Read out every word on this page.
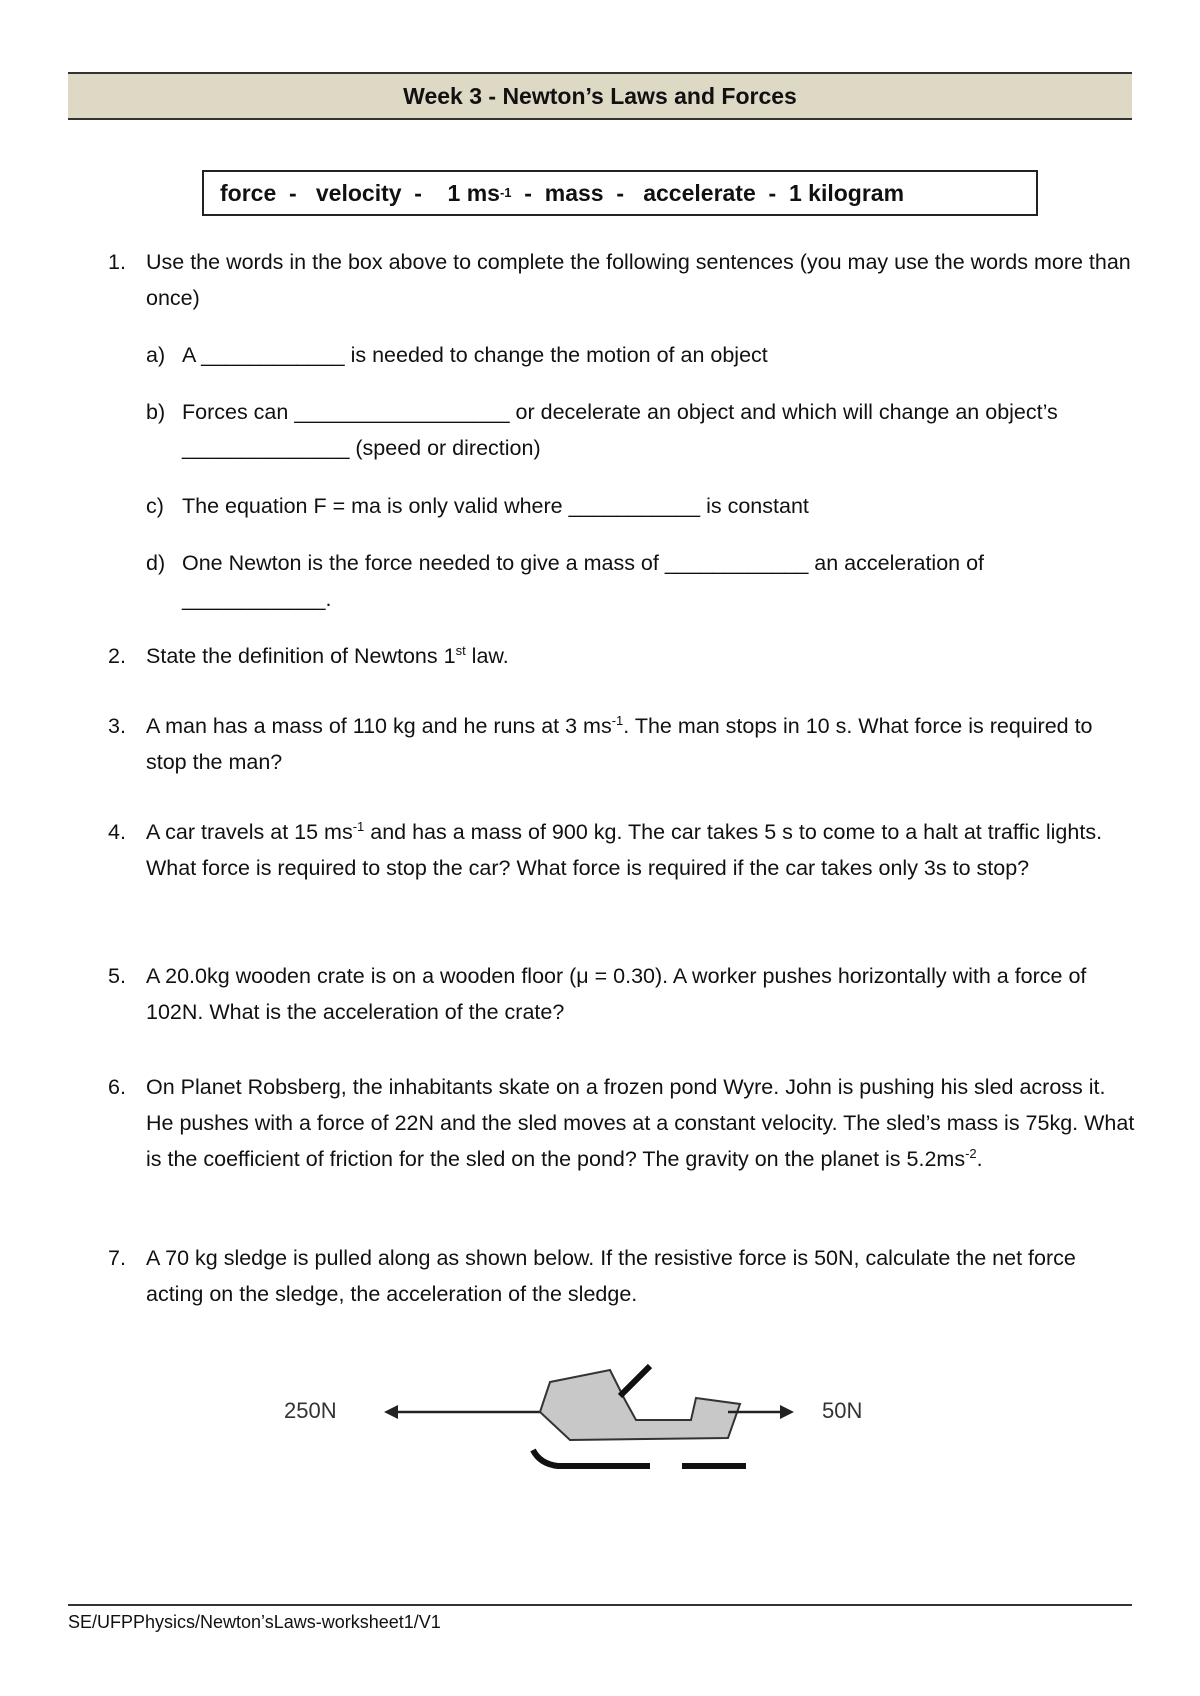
Week 3 - Newton’s Laws and Forces
force - velocity - 1 ms -1 - mass - accelerate - 1 kilogram
1. Use the words in the box above to complete the following sentences (you may use the words more than once)
a) A ____________ is needed to change the motion of an object
b) Forces can __________________ or decelerate an object and which will change an object’s ______________ (speed or direction)
c) The equation F = ma is only valid where ___________ is constant
d) One Newton is the force needed to give a mass of ____________ an acceleration of ____________.
2. State the definition of Newtons 1st law.
3. A man has a mass of 110 kg and he runs at 3 $ms^{-1}$. The man stops in 10 s. What force is required to stop the man?
4. A car travels at 15 $ms^{-1}$ and has a mass of 900 kg. The car takes 5 s to come to a halt at traffic lights. What force is required to stop the car? What force is required if the car takes only 3s to stop?
5. A 20.0kg wooden crate is on a wooden floor (μ = 0.30). A worker pushes horizontally with a force of 102N. What is the acceleration of the crate?
6. On Planet Robsberg, the inhabitants skate on a frozen pond Wyre. John is pushing his sled across it. He pushes with a force of 22N and the sled moves at a constant velocity. The sled’s mass is 75kg. What is the coefficient of friction for the sled on the pond? The gravity on the planet is $5.2ms^{-2}$.
7. A 70 kg sledge is pulled along as shown below. If the resistive force is 50N, calculate the net force acting on the sledge, the acceleration of the sledge.
250N	50N
SE/UFPPhysics/Newton’sLaws-worksheet1/V1
